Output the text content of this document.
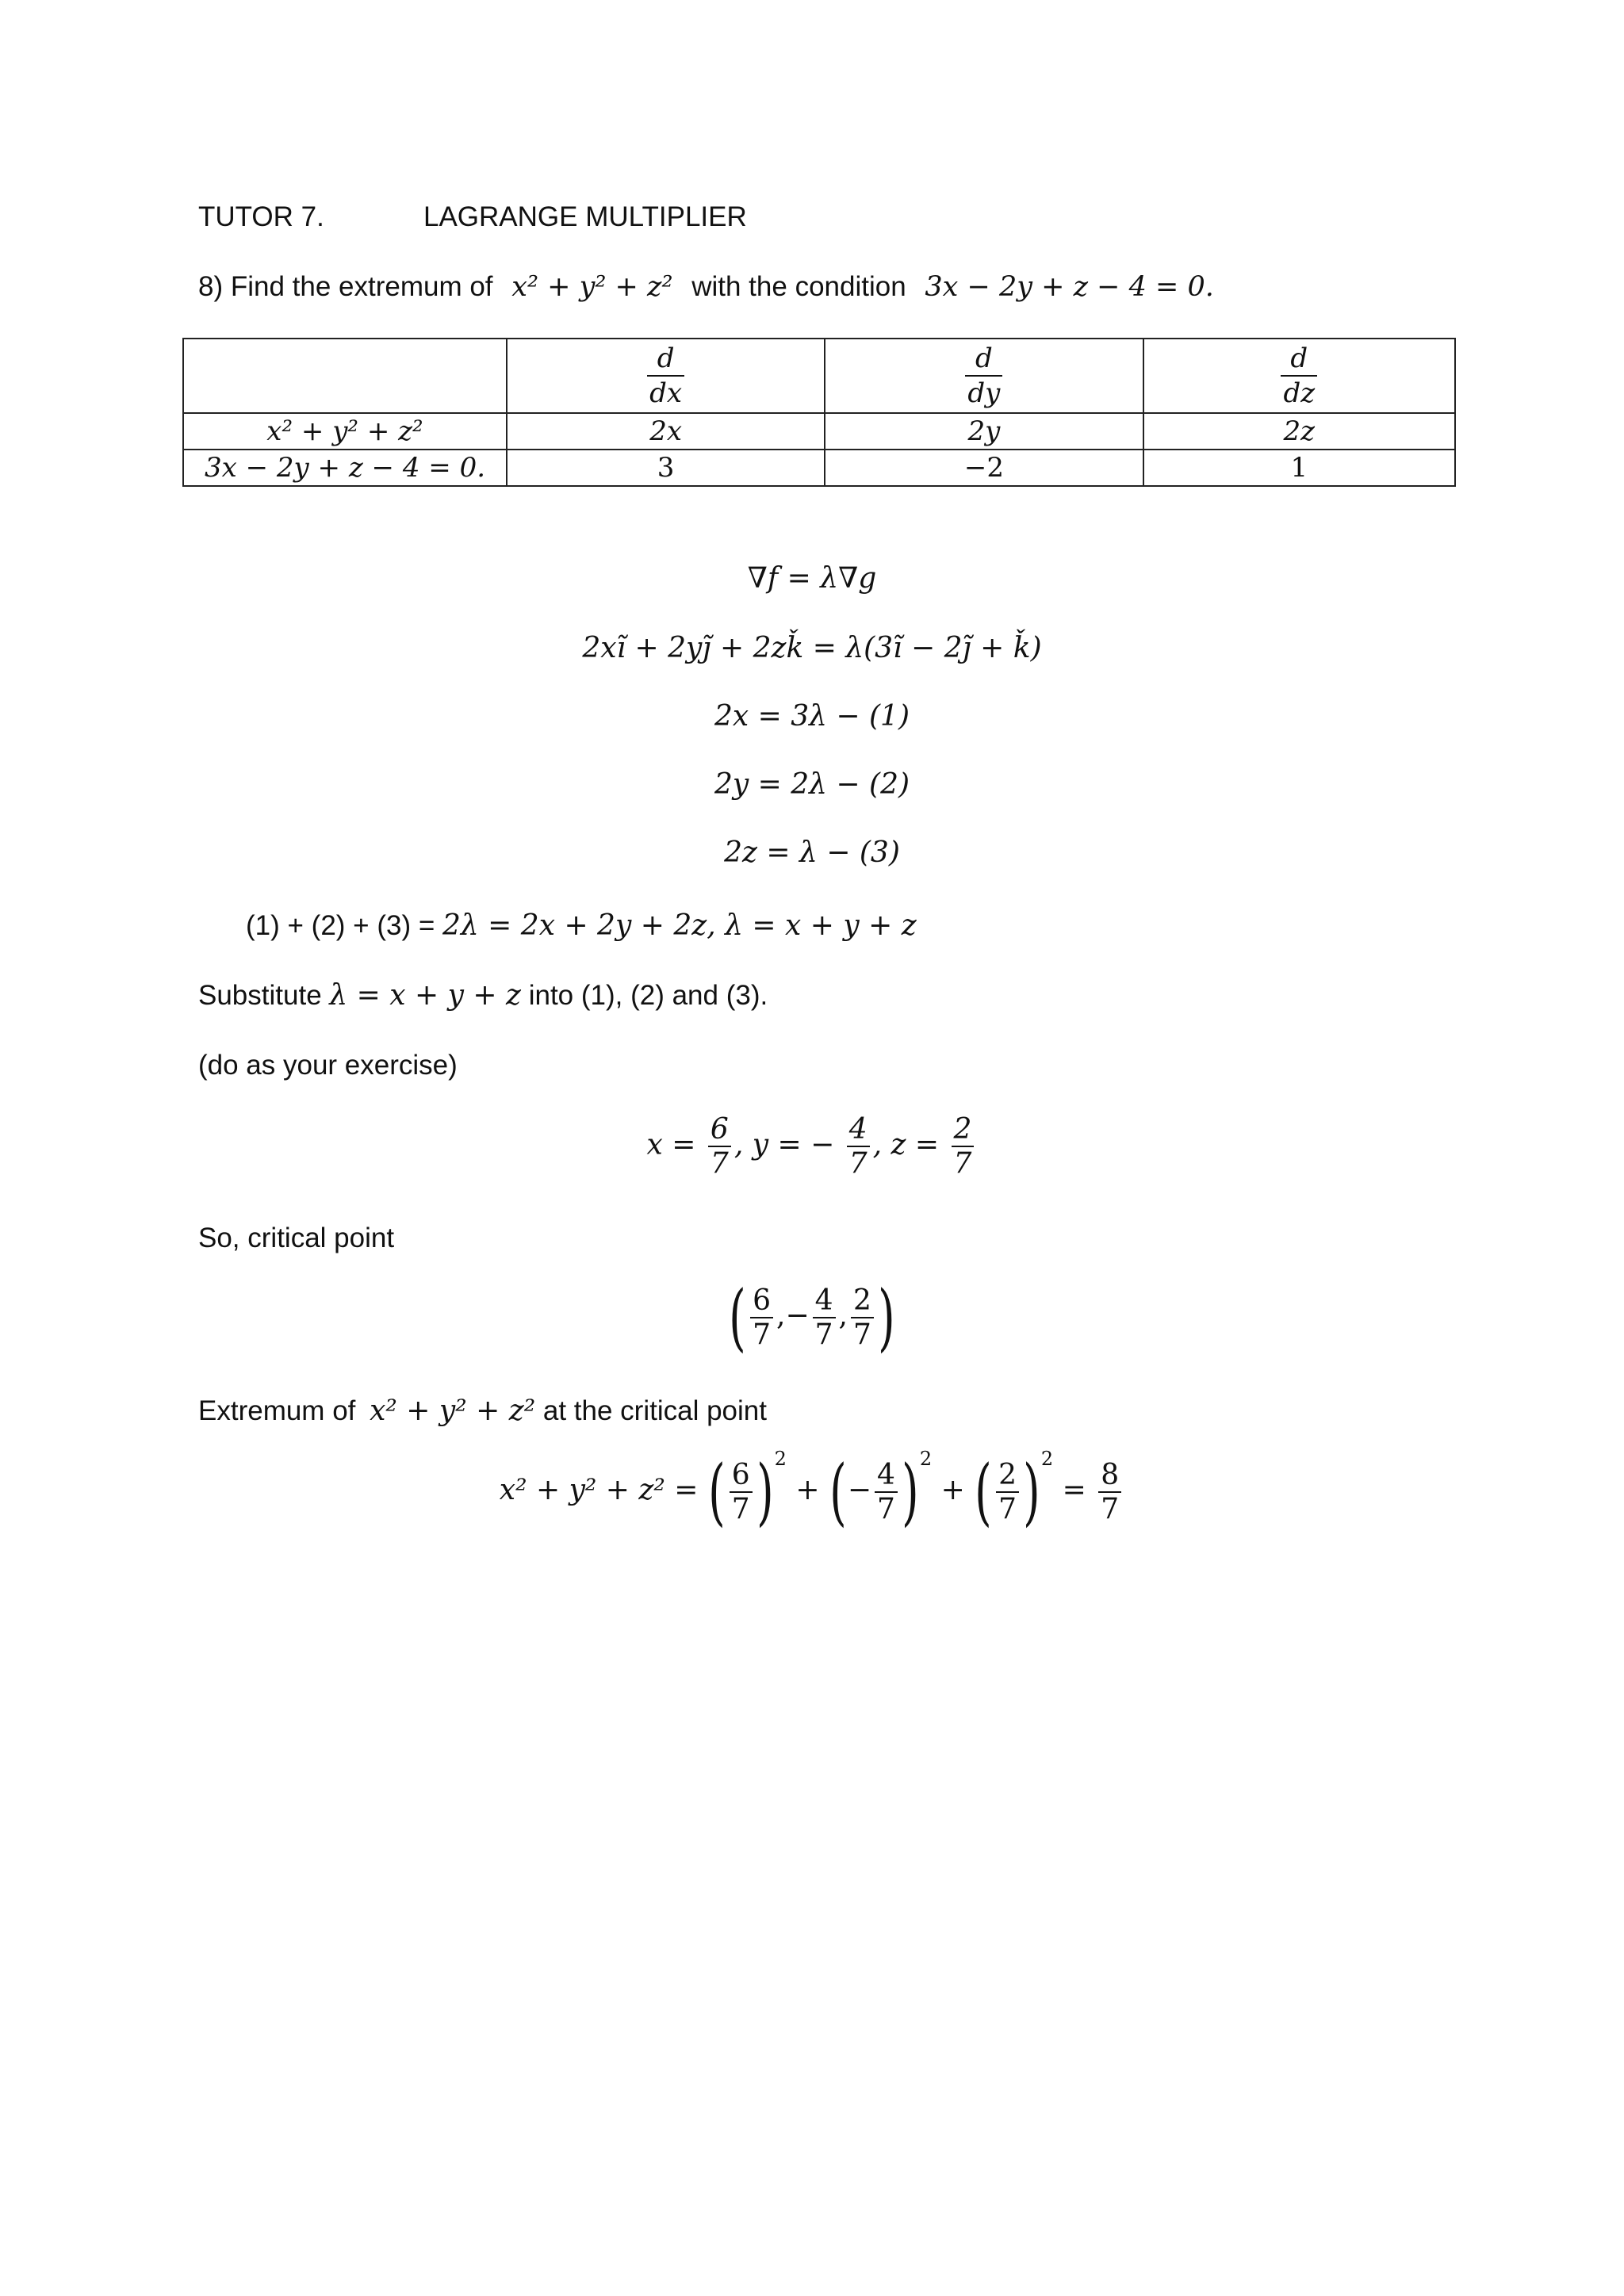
TUTOR 7.	LAGRANGE MULTIPLIER
8) Find the extremum of x² + y² + z² with the condition 3x − 2y + z − 4 = 0.

	$\frac{d}{dx}$	$\frac{d}{dy}$	$\frac{d}{dz}$

x² + y² + z²	2x	2y	2z
3x − 2y + z − 4 = 0.	3	−2	1
∇f = λ∇g
2xĩ + 2yj̃ + 2zǩ = λ(3ĩ − 2j̃ + ǩ)
2x = 3λ − (1)
2y = 2λ − (2)
2z = λ − (3)
(1) + (2) + (3) = 2λ = 2x + 2y + 2z, λ = x + y + z
Substitute λ = x + y + z into (1), (2) and (3).
(do as your exercise)
$x = \frac{6}{7}$ , y = − $\frac{4}{7}$ , $z = \frac{2}{7}$
So, critical point
( $\frac{6}{7}$ ,− $\frac{4}{7}$ , $\frac{2}{7}$ )
Extremum of x² + y² + z² at the critical point
x² + y² + z² = ( $\frac{6}{7} )2$ + (− $\frac{4}{7} )2$ + ( $\frac{2}{7} )2 = \frac{8}{7}$
